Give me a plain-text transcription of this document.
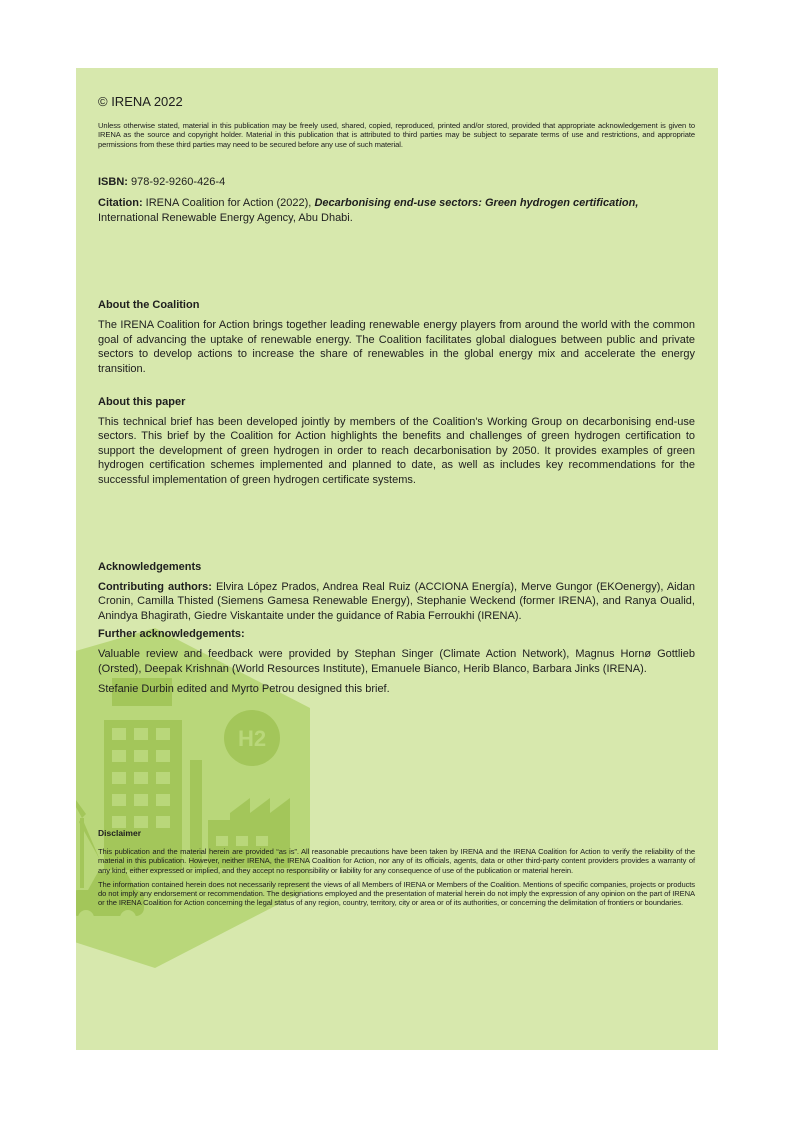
H2

© IRENA 2022

Unless otherwise stated, material in this publication may be freely used, shared, copied, reproduced, printed and/or stored, provided that appropriate acknowledgement is given to IRENA as the source and copyright holder. Material in this publication that is attributed to third parties may be subject to separate terms of use and restrictions, and appropriate permissions from these third parties may need to be secured before any use of such material.

ISBN: 978-92-9260-426-4

Citation: IRENA Coalition for Action (2022), Decarbonising end-use sectors: Green hydrogen certification,
International Renewable Energy Agency, Abu Dhabi.

About the Coalition

The IRENA Coalition for Action brings together leading renewable energy players from around the world with the common goal of advancing the uptake of renewable energy. The Coalition facilitates global dialogues between public and private sectors to develop actions to increase the share of renewables in the global energy mix and accelerate the energy transition.

About this paper

This technical brief has been developed jointly by members of the Coalition's Working Group on decarbonising end-use sectors. This brief by the Coalition for Action highlights the benefits and challenges of green hydrogen certification to support the development of green hydrogen in order to reach decarbonisation by 2050. It provides examples of green hydrogen certification schemes implemented and planned to date, as well as includes key recommendations for the successful implementation of green hydrogen certificate systems.

Acknowledgements

Contributing authors: Elvira López Prados, Andrea Real Ruiz (ACCIONA Energía), Merve Gungor (EKOenergy), Aidan Cronin, Camilla Thisted (Siemens Gamesa Renewable Energy), Stephanie Weckend (former IRENA), and Ranya Oualid, Anindya Bhagirath, Giedre Viskantaite under the guidance of Rabia Ferroukhi (IRENA).

Further acknowledgements:

Valuable review and feedback were provided by Stephan Singer (Climate Action Network), Magnus Hornø Gottlieb (Orsted), Deepak Krishnan (World Resources Institute), Emanuele Bianco, Herib Blanco, Barbara Jinks (IRENA).

Stefanie Durbin edited and Myrto Petrou designed this brief.

Disclaimer

This publication and the material herein are provided “as is”. All reasonable precautions have been taken by IRENA and the IRENA Coalition for Action to verify the reliability of the material in this publication. However, neither IRENA, the IRENA Coalition for Action, nor any of its officials, agents, data or other third-party content providers provides a warranty of any kind, either expressed or implied, and they accept no responsibility or liability for any consequence of use of the publication or material herein.

The information contained herein does not necessarily represent the views of all Members of IRENA or Members of the Coalition. Mentions of specific companies, projects or products do not imply any endorsement or recommendation. The designations employed and the presentation of material herein do not imply the expression of any opinion on the part of IRENA or the IRENA Coalition for Action concerning the legal status of any region, country, territory, city or area or of its authorities, or concerning the delimitation of frontiers or boundaries.
